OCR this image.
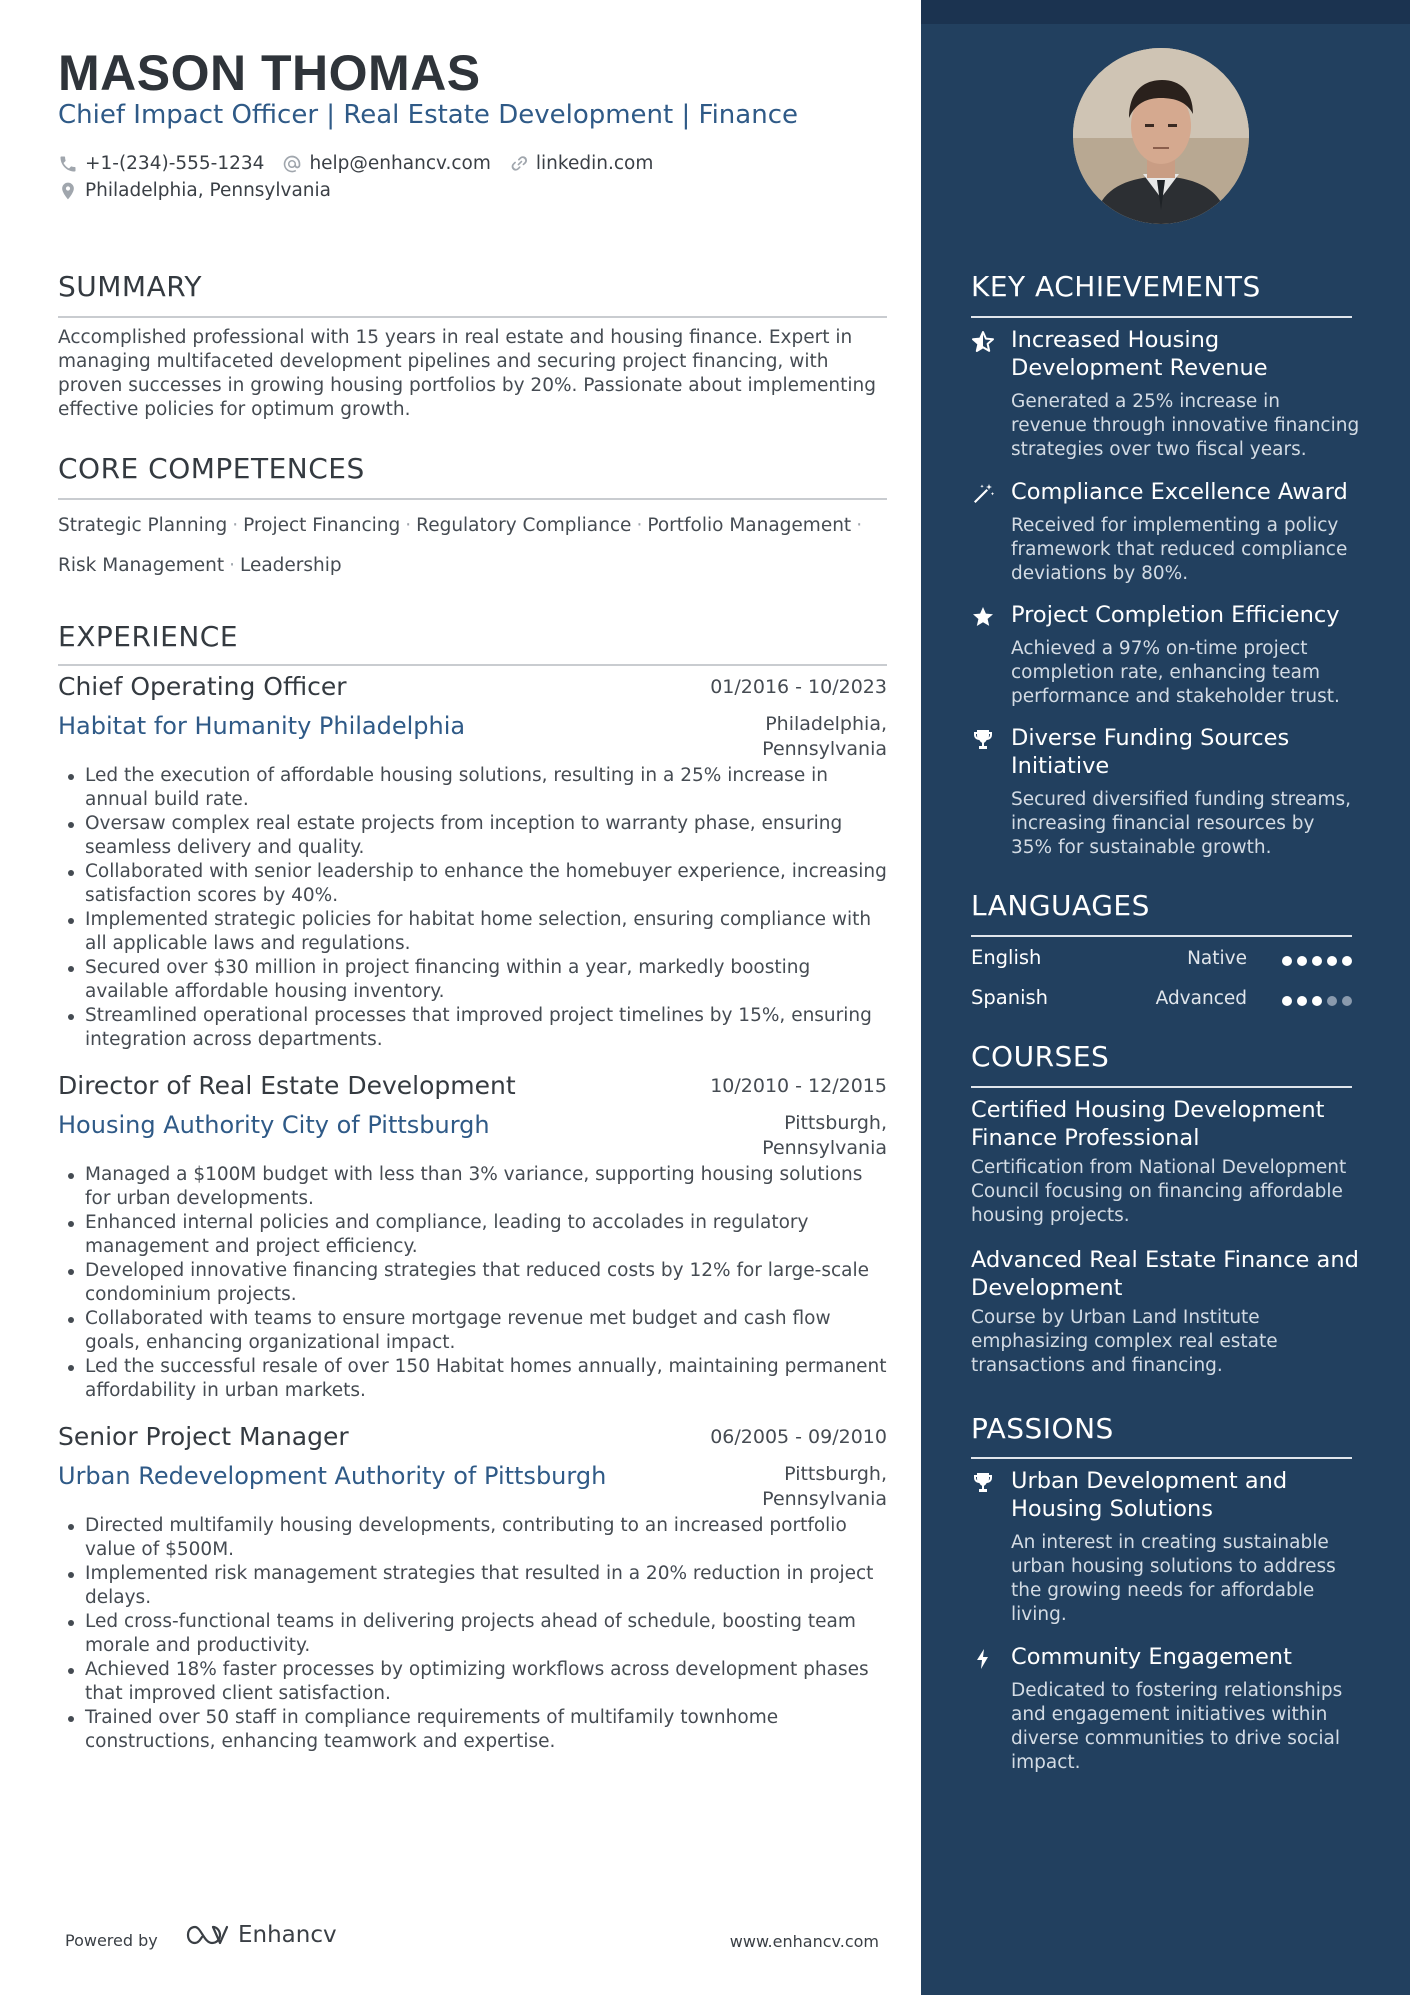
MASON THOMAS
Chief Impact Officer | Real Estate Development | Finance
+1-(234)-555-1234 help@enhancv.com linkedin.com
Philadelphia, Pennsylvania
SUMMARY
Accomplished professional with 15 years in real estate and housing finance. Expert in managing multifaceted development pipelines and securing project financing, with proven successes in growing housing portfolios by 20%. Passionate about implementing effective policies for optimum growth.
CORE COMPETENCES
Strategic Planning · Project Financing · Regulatory Compliance · Portfolio Management ·
Risk Management · Leadership
EXPERIENCE
Chief Operating Officer	01/2016 - 10/2023
Habitat for Humanity Philadelphia	Philadelphia,
Pennsylvania
Led the execution of affordable housing solutions, resulting in a 25% increase in annual build rate.
Oversaw complex real estate projects from inception to warranty phase, ensuring seamless delivery and quality.
Collaborated with senior leadership to enhance the homebuyer experience, increasing satisfaction scores by 40%.
Implemented strategic policies for habitat home selection, ensuring compliance with all applicable laws and regulations.
Secured over $30 million in project financing within a year, markedly boosting available affordable housing inventory.
Streamlined operational processes that improved project timelines by 15%, ensuring integration across departments.
Director of Real Estate Development	10/2010 - 12/2015
Housing Authority City of Pittsburgh	Pittsburgh,
Pennsylvania
Managed a $100M budget with less than 3% variance, supporting housing solutions for urban developments.
Enhanced internal policies and compliance, leading to accolades in regulatory management and project efficiency.
Developed innovative financing strategies that reduced costs by 12% for large-scale condominium projects.
Collaborated with teams to ensure mortgage revenue met budget and cash flow goals, enhancing organizational impact.
Led the successful resale of over 150 Habitat homes annually, maintaining permanent affordability in urban markets.
Senior Project Manager	06/2005 - 09/2010
Urban Redevelopment Authority of Pittsburgh	Pittsburgh,
Pennsylvania
Directed multifamily housing developments, contributing to an increased portfolio value of $500M.
Implemented risk management strategies that resulted in a 20% reduction in project delays.
Led cross-functional teams in delivering projects ahead of schedule, boosting team morale and productivity.
Achieved 18% faster processes by optimizing workflows across development phases that improved client satisfaction.
Trained over 50 staff in compliance requirements of multifamily townhome constructions, enhancing teamwork and expertise.
Powered by	Enhancv	www.enhancv.com
KEY ACHIEVEMENTS
Increased Housing Development Revenue
Generated a 25% increase in revenue through innovative financing strategies over two fiscal years.
Compliance Excellence Award
Received for implementing a policy framework that reduced compliance deviations by 80%.
Project Completion Efficiency
Achieved a 97% on-time project completion rate, enhancing team performance and stakeholder trust.
Diverse Funding Sources Initiative
Secured diversified funding streams, increasing financial resources by 35% for sustainable growth.
LANGUAGES
English	Native
Spanish	Advanced
COURSES
Certified Housing Development Finance Professional
Certification from National Development Council focusing on financing affordable housing projects.
Advanced Real Estate Finance and Development
Course by Urban Land Institute emphasizing complex real estate transactions and financing.
PASSIONS
Urban Development and Housing Solutions
An interest in creating sustainable urban housing solutions to address the growing needs for affordable living.
Community Engagement
Dedicated to fostering relationships and engagement initiatives within diverse communities to drive social impact.
